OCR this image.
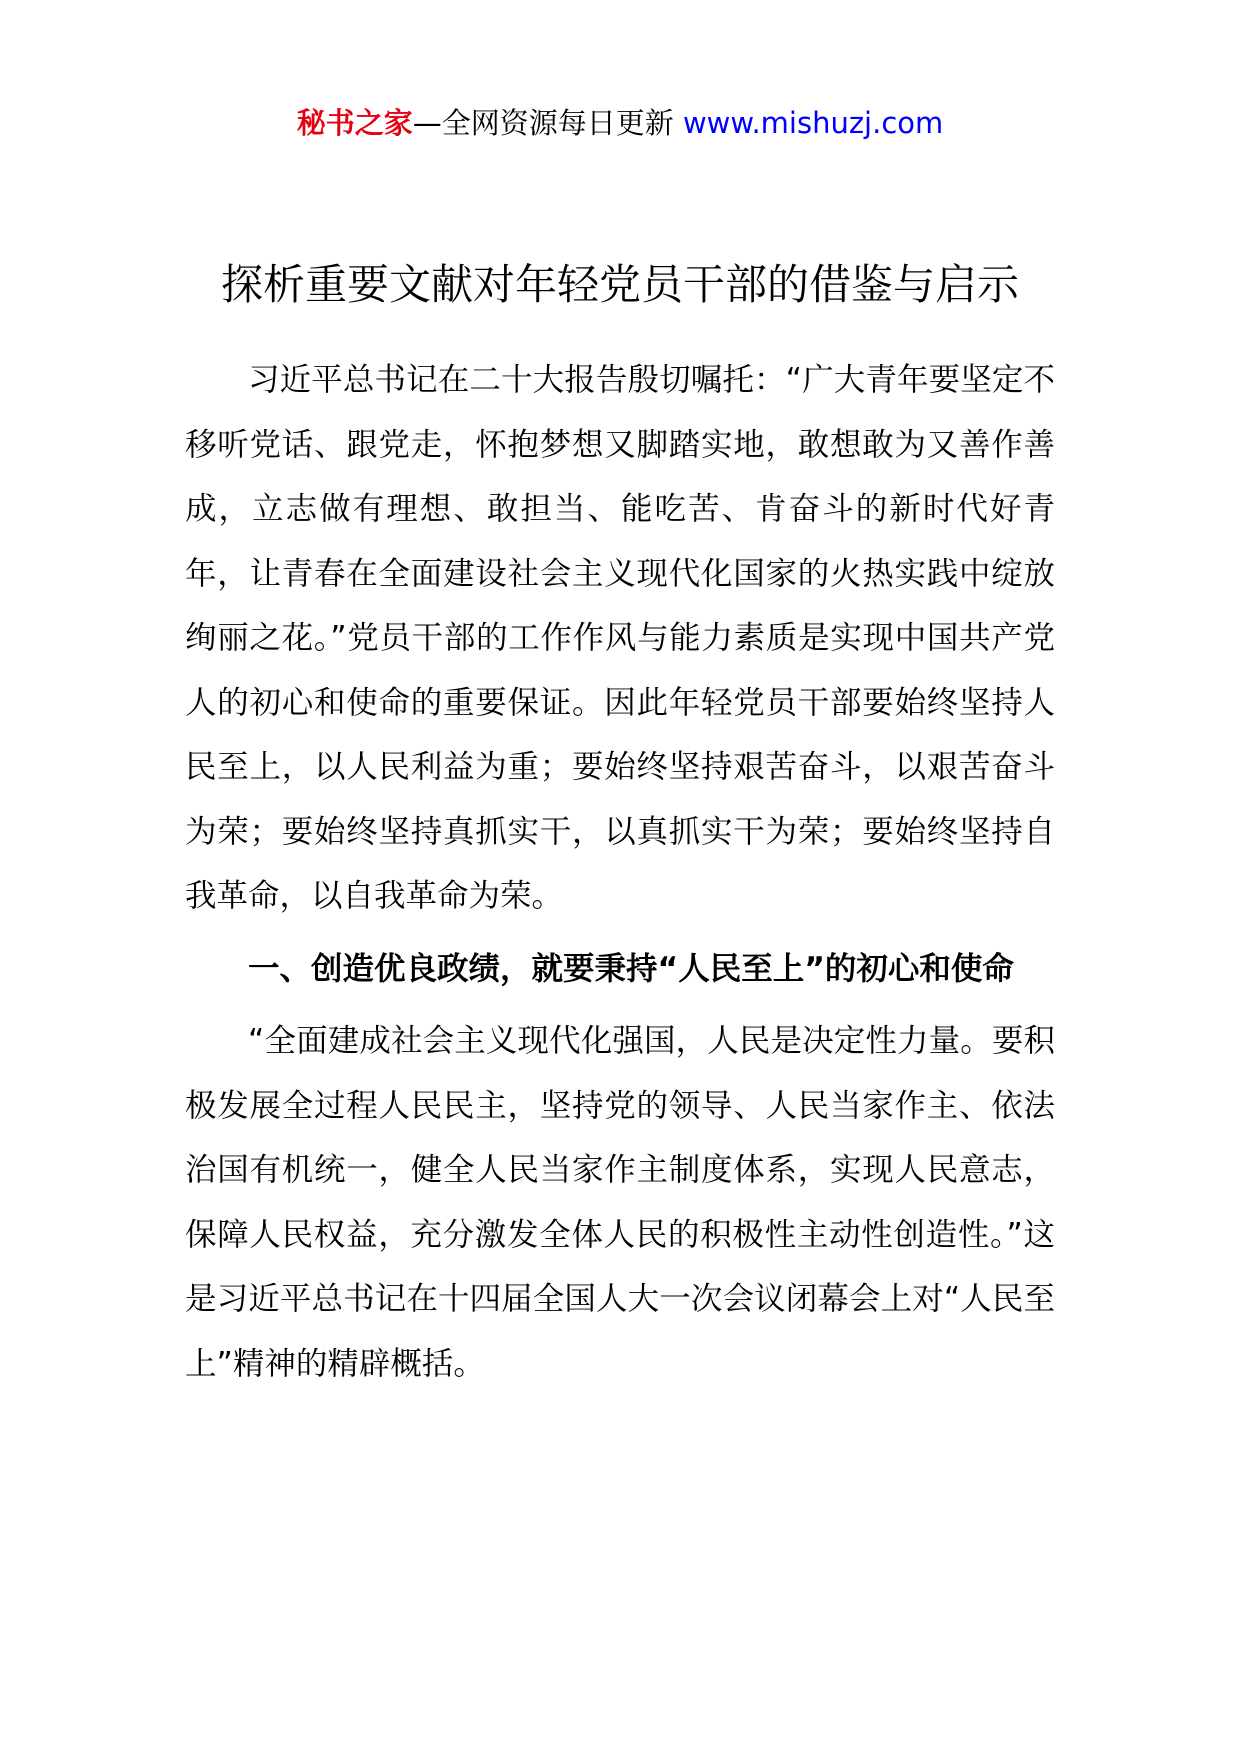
秘书之家—全网资源每日更新 www.mishuzj.com
探析重要文献对年轻党员干部的借鉴与启示

习近平总书记在二十大报告殷切嘱托：“广大青年要坚定不移听党话、跟党走，怀抱梦想又脚踏实地，敢想敢为又善作善成，立志做有理想、敢担当、能吃苦、肯奋斗的新时代好青年，让青春在全面建设社会主义现代化国家的火热实践中绽放绚丽之花。”党员干部的工作作风与能力素质是实现中国共产党人的初心和使命的重要保证。因此年轻党员干部要始终坚持人民至上，以人民利益为重；要始终坚持艰苦奋斗，以艰苦奋斗为荣；要始终坚持真抓实干，以真抓实干为荣；要始终坚持自我革命，以自我革命为荣。

一、创造优良政绩，就要秉持“人民至上”的初心和使命

“全面建成社会主义现代化强国，人民是决定性力量。要积极发展全过程人民民主，坚持党的领导、人民当家作主、依法治国有机统一，健全人民当家作主制度体系，实现人民意志，保障人民权益，充分激发全体人民的积极性主动性创造性。”这是习近平总书记在十四届全国人大一次会议闭幕会上对“人民至上”精神的精辟概括。
